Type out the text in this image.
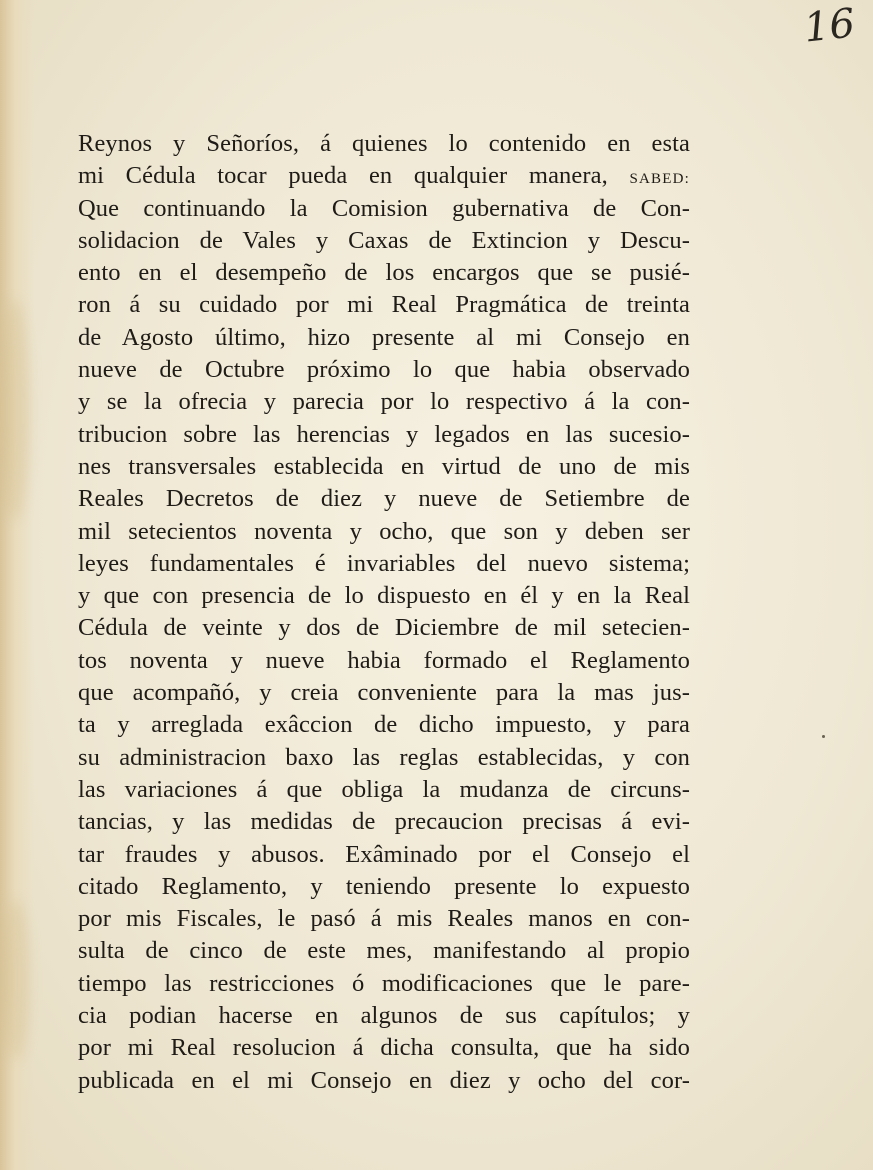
16
Reynos y Señoríos, á quienes lo contenido en esta
mi Cédula tocar pueda en qualquier manera, SABED:
Que continuando la Comision gubernativa de Con-
solidacion de Vales y Caxas de Extincion y Descu-
ento en el desempeño de los encargos que se pusié-
ron á su cuidado por mi Real Pragmática de treinta
de Agosto último, hizo presente al mi Consejo en
nueve de Octubre próximo lo que habia observado
y se la ofrecia y parecia por lo respectivo á la con-
tribucion sobre las herencias y legados en las sucesio-
nes transversales establecida en virtud de uno de mis
Reales Decretos de diez y nueve de Setiembre de
mil setecientos noventa y ocho, que son y deben ser
leyes fundamentales é invariables del nuevo sistema;
y que con presencia de lo dispuesto en él y en la Real
Cédula de veinte y dos de Diciembre de mil setecien-
tos noventa y nueve habia formado el Reglamento
que acompañó, y creia conveniente para la mas jus-
ta y arreglada exâccion de dicho impuesto, y para
su administracion baxo las reglas establecidas, y con
las variaciones á que obliga la mudanza de circuns-
tancias, y las medidas de precaucion precisas á evi-
tar fraudes y abusos. Exâminado por el Consejo el
citado Reglamento, y teniendo presente lo expuesto
por mis Fiscales, le pasó á mis Reales manos en con-
sulta de cinco de este mes, manifestando al propio
tiempo las restricciones ó modificaciones que le pare-
cia podian hacerse en algunos de sus capítulos; y
por mi Real resolucion á dicha consulta, que ha sido
publicada en el mi Consejo en diez y ocho del cor-
